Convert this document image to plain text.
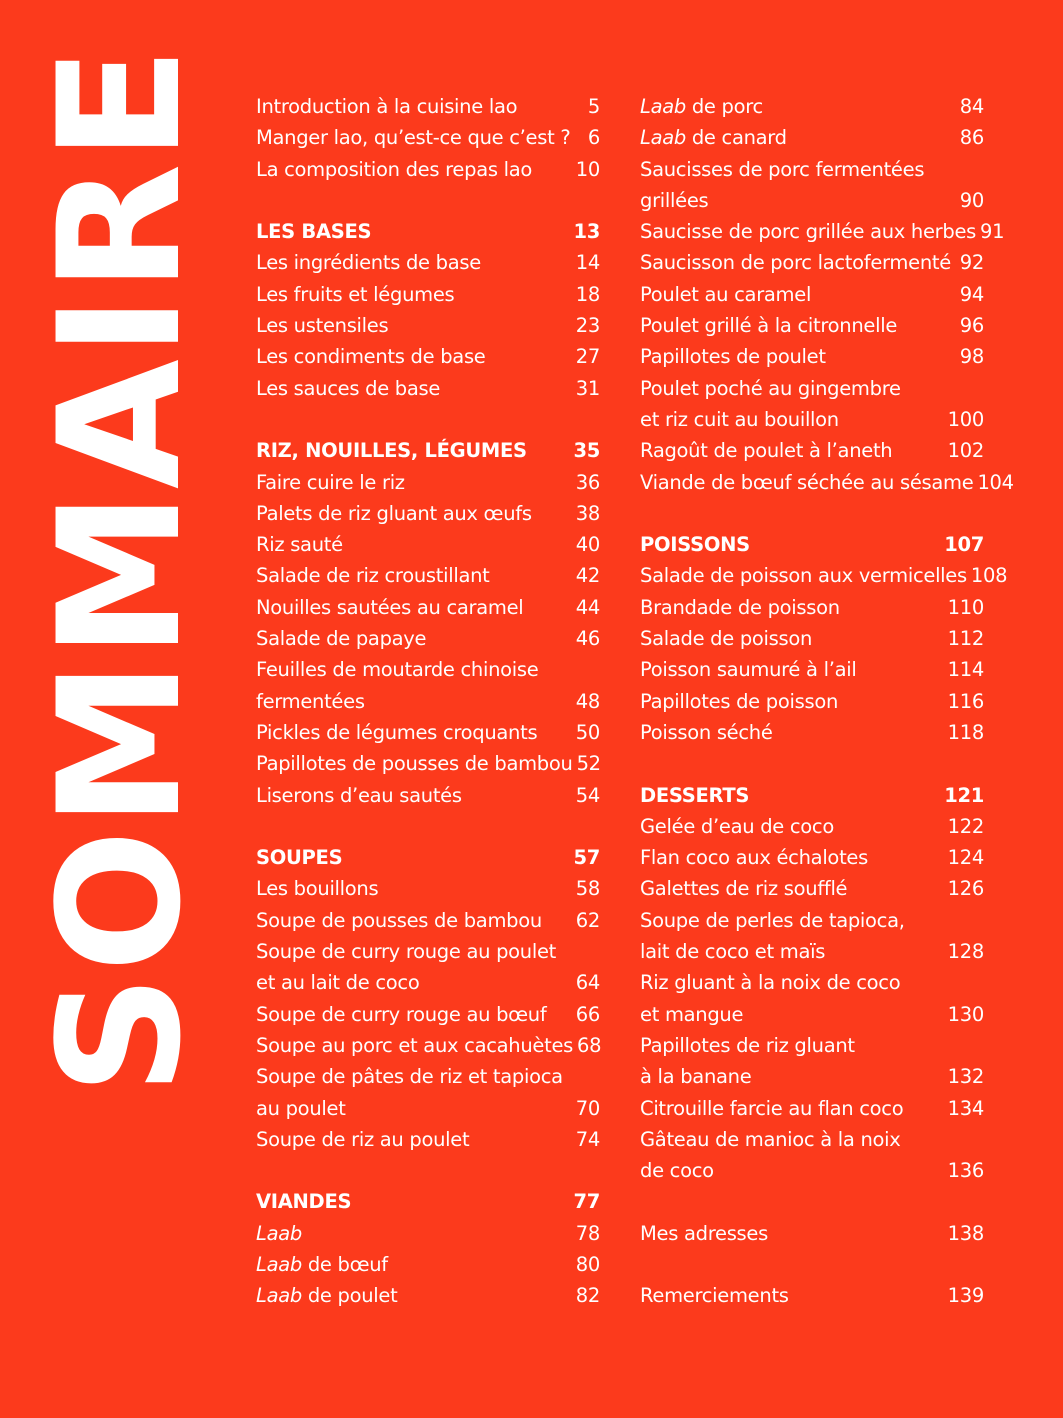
SOMMAIRE Introduction à la cuisine lao	5
Manger lao, qu’est-ce que c’est ? 6
La composition des repas lao	10
LES BASES	13
Les ingrédients de base	14
Les fruits et légumes	18
Les ustensiles	23
Les condiments de base	27
Les sauces de base	31
RIZ, NOUILLES, LÉGUMES	35
Faire cuire le riz	36
Palets de riz gluant aux œufs	38
Riz sauté	40
Salade de riz croustillant	42
Nouilles sautées au caramel	44
Salade de papaye	46
Feuilles de moutarde chinoise
fermentées	48
Pickles de légumes croquants	50
Papillotes de pousses de bambou 52
Liserons d’eau sautés	54
SOUPES	57
Les bouillons	58
Soupe de pousses de bambou	62
Soupe de curry rouge au poulet
et au lait de coco	64
Soupe de curry rouge au bœuf	66
Soupe au porc et aux cacahuètes 68
Soupe de pâtes de riz et tapioca
au poulet	70
Soupe de riz au poulet	74
VIANDES	77
Laab	78
Laab de bœuf	80
Laab de poulet	82
Laab de porc	84
Laab de canard	86
Saucisses de porc fermentées
grillées	90
Saucisse de porc grillée aux herbes 91
Saucisson de porc lactofermenté 92
Poulet au caramel	94
Poulet grillé à la citronnelle	96
Papillotes de poulet	98
Poulet poché au gingembre
et riz cuit au bouillon	100
Ragoût de poulet à l’aneth	102
Viande de bœuf séchée au sésame 104
POISSONS	107
Salade de poisson aux vermicelles 108
Brandade de poisson	110
Salade de poisson	112
Poisson saumuré à l’ail	114
Papillotes de poisson	116
Poisson séché	118
DESSERTS	121
Gelée d’eau de coco	122
Flan coco aux échalotes	124
Galettes de riz soufflé	126
Soupe de perles de tapioca,
lait de coco et maïs	128
Riz gluant à la noix de coco
et mangue	130
Papillotes de riz gluant
à la banane	132
Citrouille farcie au flan coco	134
Gâteau de manioc à la noix
de coco	136
Mes adresses	138
Remerciements	139
